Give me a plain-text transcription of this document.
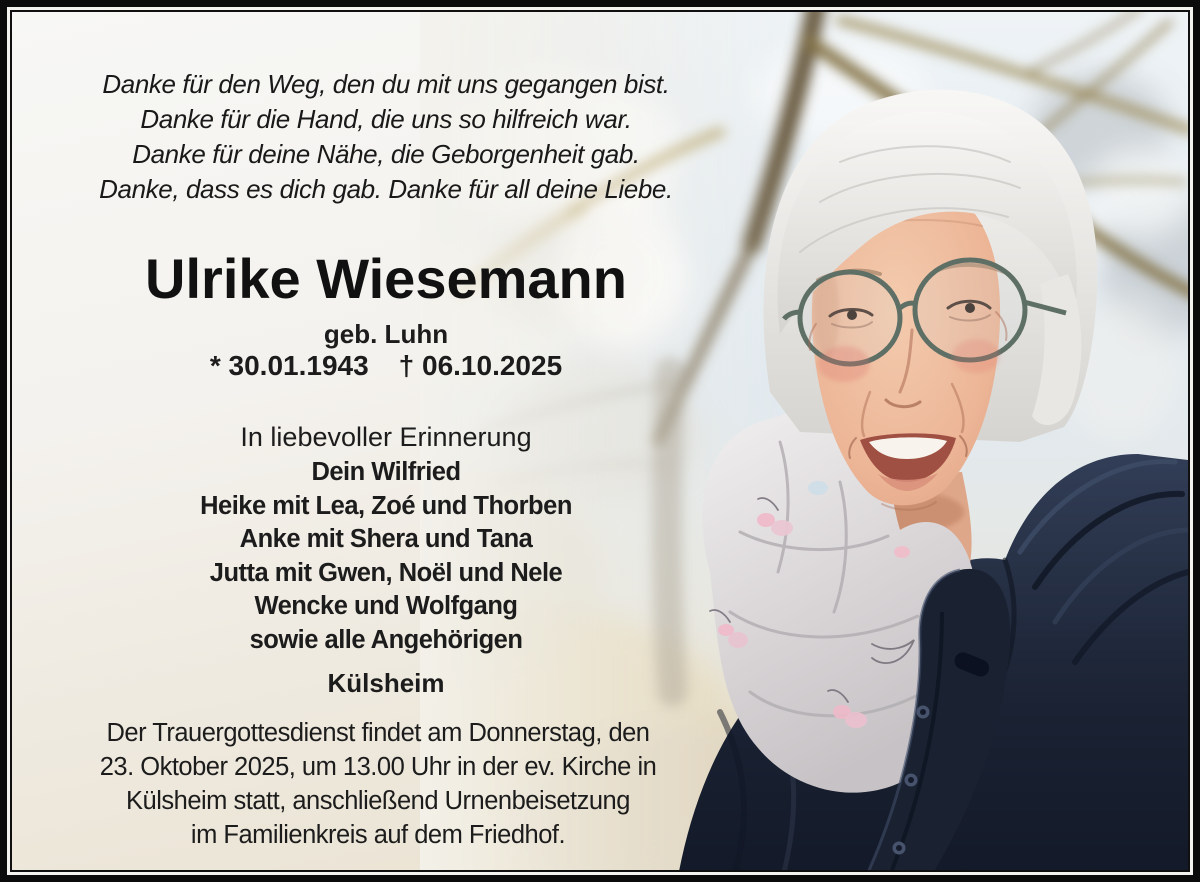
Danke für den Weg, den du mit uns gegangen bist.
Danke für die Hand, die uns so hilfreich war.
Danke für deine Nähe, die Geborgenheit gab.
Danke, dass es dich gab. Danke für all deine Liebe.
Ulrike Wiesemann
geb. Luhn
* 30.01.1943 † 06.10.2025
In liebevoller Erinnerung
Dein Wilfried
Heike mit Lea, Zoé und Thorben
Anke mit Shera und Tana
Jutta mit Gwen, Noël und Nele
Wencke und Wolfgang
sowie alle Angehörigen
Külsheim
Der Trauergottesdienst findet am Donnerstag, den
23. Oktober 2025, um 13.00 Uhr in der ev. Kirche in
Külsheim statt, anschließend Urnenbeisetzung
im Familienkreis auf dem Friedhof.
